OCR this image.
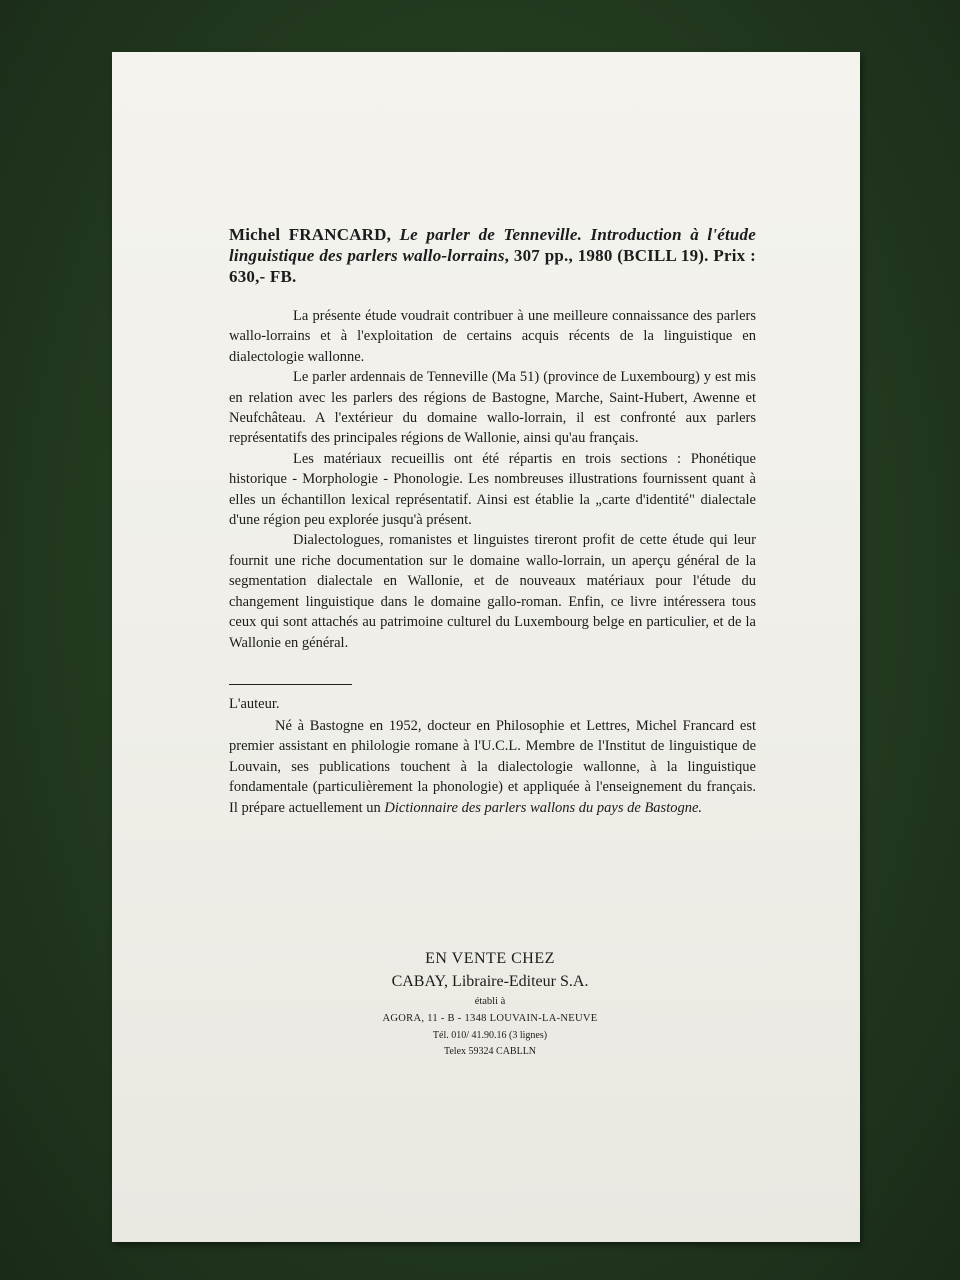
Michel FRANCARD, Le parler de Tenneville. Introduction à l'étude linguistique des parlers wallo-lorrains, 307 pp., 1980 (BCILL 19). Prix : 630,- FB.

La présente étude voudrait contribuer à une meilleure connaissance des parlers wallo-lorrains et à l'exploitation de certains acquis récents de la linguistique en dialectologie wallonne.

Le parler ardennais de Tenneville (Ma 51) (province de Luxembourg) y est mis en relation avec les parlers des régions de Bastogne, Marche, Saint-Hubert, Awenne et Neufchâteau. A l'extérieur du domaine wallo-lorrain, il est confronté aux parlers représentatifs des principales régions de Wallonie, ainsi qu'au français.

Les matériaux recueillis ont été répartis en trois sections : Phonétique historique - Morphologie - Phonologie. Les nombreuses illustrations fournissent quant à elles un échantillon lexical représentatif. Ainsi est établie la „carte d'identité" dialectale d'une région peu explorée jusqu'à présent.

Dialectologues, romanistes et linguistes tireront profit de cette étude qui leur fournit une riche documentation sur le domaine wallo-lorrain, un aperçu général de la segmentation dialectale en Wallonie, et de nouveaux matériaux pour l'étude du changement linguistique dans le domaine gallo-roman. Enfin, ce livre intéressera tous ceux qui sont attachés au patrimoine culturel du Luxembourg belge en particulier, et de la Wallonie en général.

L'auteur.

Né à Bastogne en 1952, docteur en Philosophie et Lettres, Michel Francard est premier assistant en philologie romane à l'U.C.L. Membre de l'Institut de linguistique de Louvain, ses publications touchent à la dialectologie wallonne, à la linguistique fondamentale (particulièrement la phonologie) et appliquée à l'enseignement du français. Il prépare actuellement un Dictionnaire des parlers wallons du pays de Bastogne.

EN VENTE CHEZ
CABAY, Libraire-Editeur S.A.
établi à
AGORA, 11 - B - 1348 LOUVAIN-LA-NEUVE
Tél. 010/ 41.90.16 (3 lignes)
Telex 59324 CABLLN
